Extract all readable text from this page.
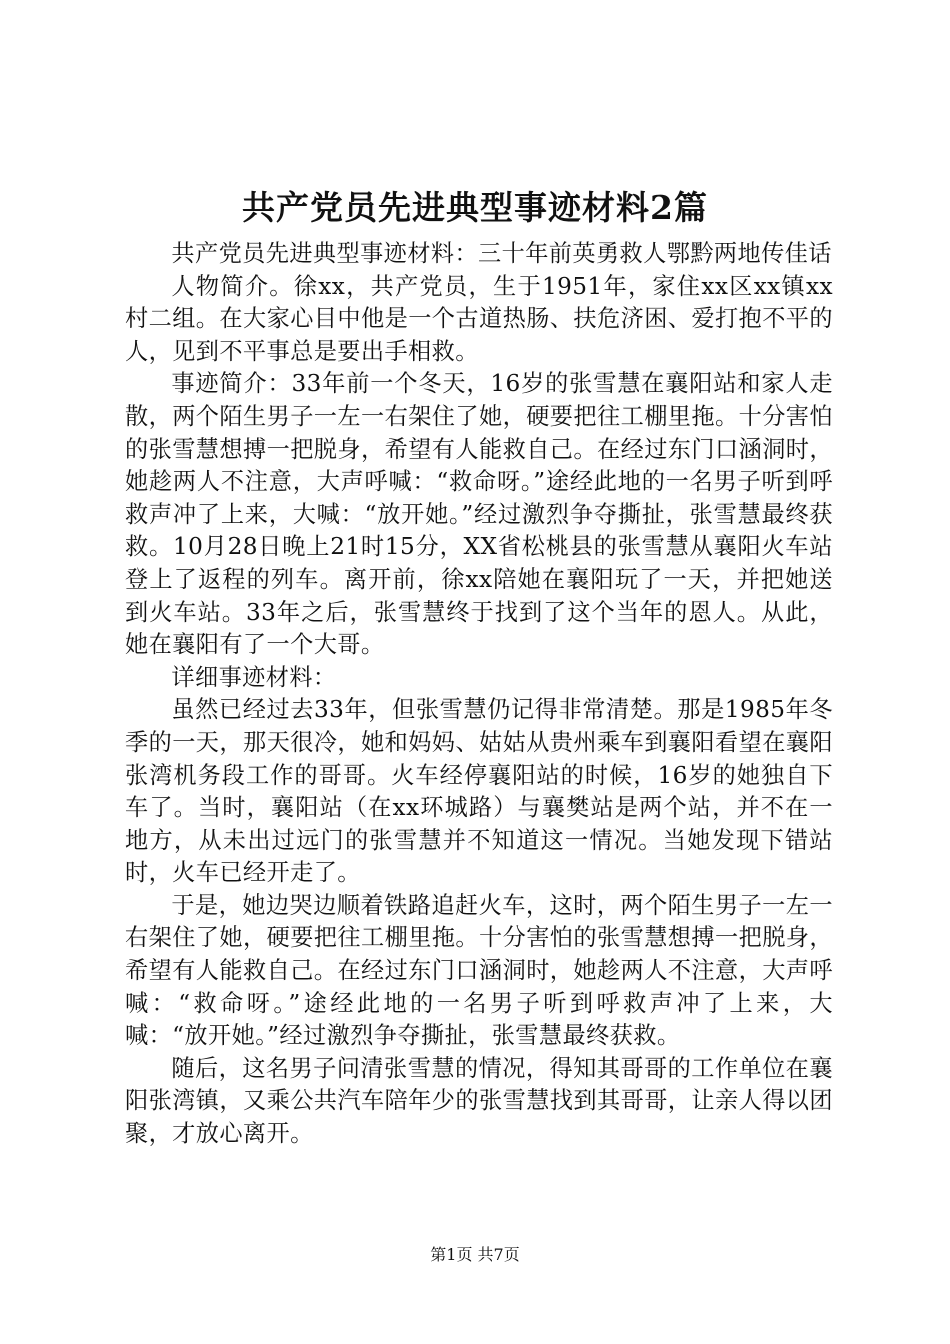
共产党员先进典型事迹材料2篇

共产党员先进典型事迹材料：三十年前英勇救人鄂黔两地传佳话

人物简介。徐xx，共产党员，生于1951年，家住xx区xx镇xx村二组。在大家心目中他是一个古道热肠、扶危济困、爱打抱不平的人，见到不平事总是要出手相救。

事迹简介：33年前一个冬天，16岁的张雪慧在襄阳站和家人走散，两个陌生男子一左一右架住了她，硬要把往工棚里拖。十分害怕的张雪慧想搏一把脱身，希望有人能救自己。在经过东门口涵洞时，她趁两人不注意，大声呼喊：“救命呀。”途经此地的一名男子听到呼救声冲了上来，大喊：“放开她。”经过激烈争夺撕扯，张雪慧最终获救。10月28日晚上21时15分，XX省松桃县的张雪慧从襄阳火车站登上了返程的列车。离开前，徐xx陪她在襄阳玩了一天，并把她送到火车站。33年之后，张雪慧终于找到了这个当年的恩人。从此，她在襄阳有了一个大哥。

详细事迹材料：

虽然已经过去33年，但张雪慧仍记得非常清楚。那是1985年冬季的一天，那天很冷，她和妈妈、姑姑从贵州乘车到襄阳看望在襄阳张湾机务段工作的哥哥。火车经停襄阳站的时候，16岁的她独自下车了。当时，襄阳站（在xx环城路）与襄樊站是两个站，并不在一地方，从未出过远门的张雪慧并不知道这一情况。当她发现下错站时，火车已经开走了。

于是，她边哭边顺着铁路追赶火车，这时，两个陌生男子一左一右架住了她，硬要把往工棚里拖。十分害怕的张雪慧想搏一把脱身，希望有人能救自己。在经过东门口涵洞时，她趁两人不注意，大声呼喊：“救命呀。”途经此地的一名男子听到呼救声冲了上来，大喊：“放开她。”经过激烈争夺撕扯，张雪慧最终获救。

随后，这名男子问清张雪慧的情况，得知其哥哥的工作单位在襄阳张湾镇，又乘公共汽车陪年少的张雪慧找到其哥哥，让亲人得以团聚，才放心离开。

第1页 共7页
